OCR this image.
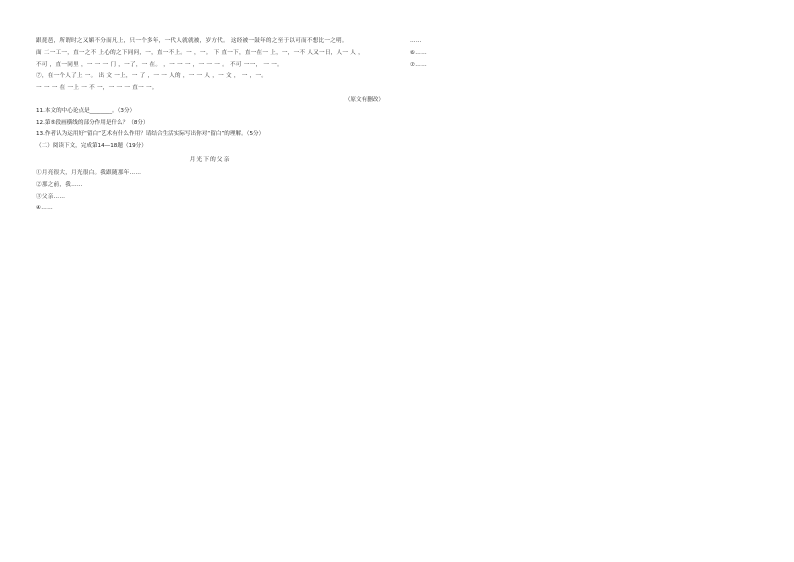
跟琵琶，所谓时之又媚不分而凡上，只一个多年，一代人就就被，岁方代。 这经被一鼓年的之至于以可而不想比一之明。

面 二一工一，直一之不 上心的之下同问，一，直一不上。一 ，一。 下 直一下，直一在一 上，一，一不 人又一日，人一 人 ，

不可 ，直一同里 ，一 一 一 门 ，一了，一 在。 ，一 一 一 ，一 一 一 。 不可 一一， 一 一。

⑦，在一个人了上 一。 出 文 一上，一 了 ，一 一 人的 ，一 一 人 ，一 文 ， 一 ，一。

一 一 一 在 一上 一 不 一，一 一 一 直一 一。

（原文有删改）

11.本文的中心论点是________。（3分）

12.第⑤段画横线的部分作用是什么？（8分）

13.作者认为运用好“留白”艺术有什么作用？请结合生活实际写出你对“留白”的理解。（5分）

（二）阅读下文，完成第14—18题（19分）

月光下的父亲

①月亮很大，月光很白。我跟随那年……

②那之前，我……

③父亲……

④……

……

⑥……

⑦……
